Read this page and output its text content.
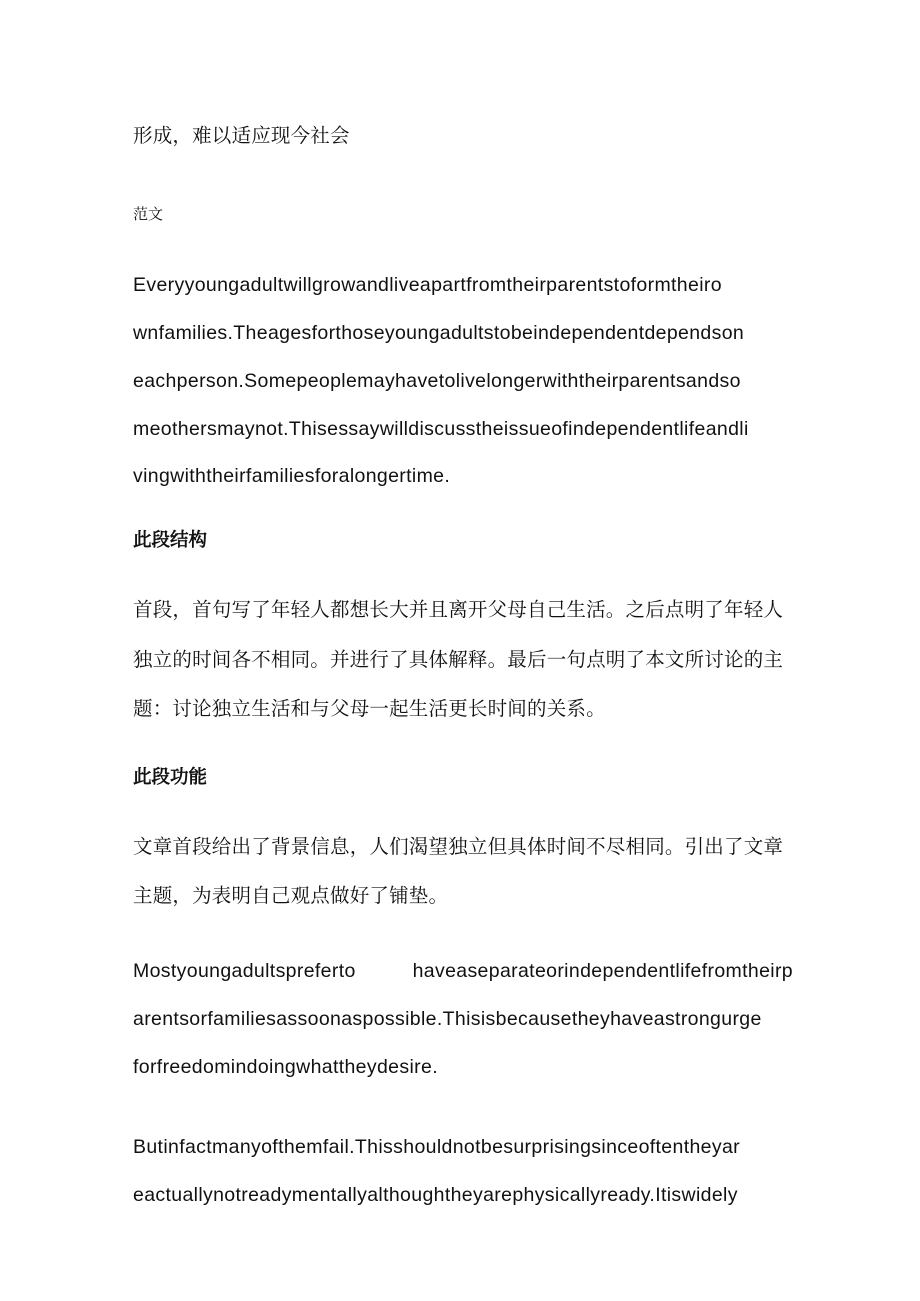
形成，难以适应现今社会
范文
Everyyoungadultwillgrowandliveapartfromtheirparentstoformtheiro
wnfamilies.Theagesforthoseyoungadultstobeindependentdependson
eachperson.Somepeoplemayhavetolivelongerwiththeirparentsandso
meothersmaynot.Thisessaywilldiscusstheissueofindependentlifeandli
vingwiththeirfamiliesforalongertime.
此段结构
首段，首句写了年轻人都想长大并且离开父母自己生活。之后点明了年轻人
独立的时间各不相同。并进行了具体解释。最后一句点明了本文所讨论的主
题：讨论独立生活和与父母一起生活更长时间的关系。
此段功能
文章首段给出了背景信息，人们渴望独立但具体时间不尽相同。引出了文章
主题，为表明自己观点做好了铺垫。
Mostyoungadultspreferto haveaseparateorindependentlifefromtheirp
arentsorfamiliesassoonaspossible.Thisisbecausetheyhaveastrongurge
forfreedomindoingwhattheydesire.
Butinfactmanyofthemfail.Thisshouldnotbesurprisingsinceoftentheyar
eactuallynotreadymentallyalthoughtheyarephysicallyready.Itiswidely
